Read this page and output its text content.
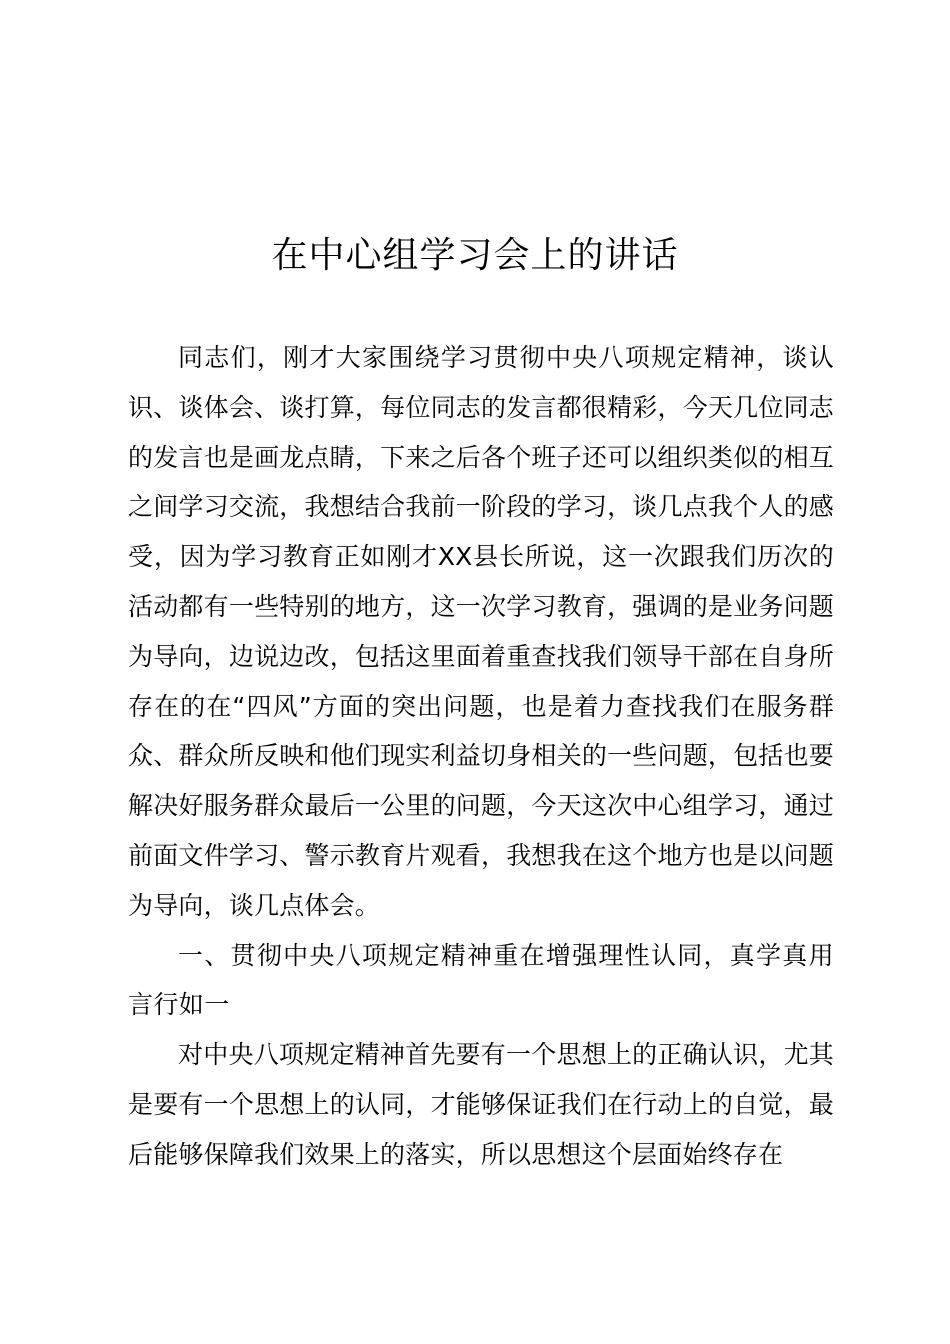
在中心组学习会上的讲话

同志们，刚才大家围绕学习贯彻中央八项规定精神，谈认识、谈体会、谈打算，每位同志的发言都很精彩，今天几位同志的发言也是画龙点睛，下来之后各个班子还可以组织类似的相互之间学习交流，我想结合我前一阶段的学习，谈几点我个人的感受，因为学习教育正如刚才XX县长所说，这一次跟我们历次的活动都有一些特别的地方，这一次学习教育，强调的是业务问题为导向，边说边改，包括这里面着重查找我们领导干部在自身所存在的在“四风”方面的突出问题，也是着力查找我们在服务群众、群众所反映和他们现实利益切身相关的一些问题，包括也要解决好服务群众最后一公里的问题，今天这次中心组学习，通过前面文件学习、警示教育片观看，我想我在这个地方也是以问题为导向，谈几点体会。

一、贯彻中央八项规定精神重在增强理性认同，真学真用言行如一

对中央八项规定精神首先要有一个思想上的正确认识，尤其是要有一个思想上的认同，才能够保证我们在行动上的自觉，最后能够保障我们效果上的落实，所以思想这个层面始终存在
